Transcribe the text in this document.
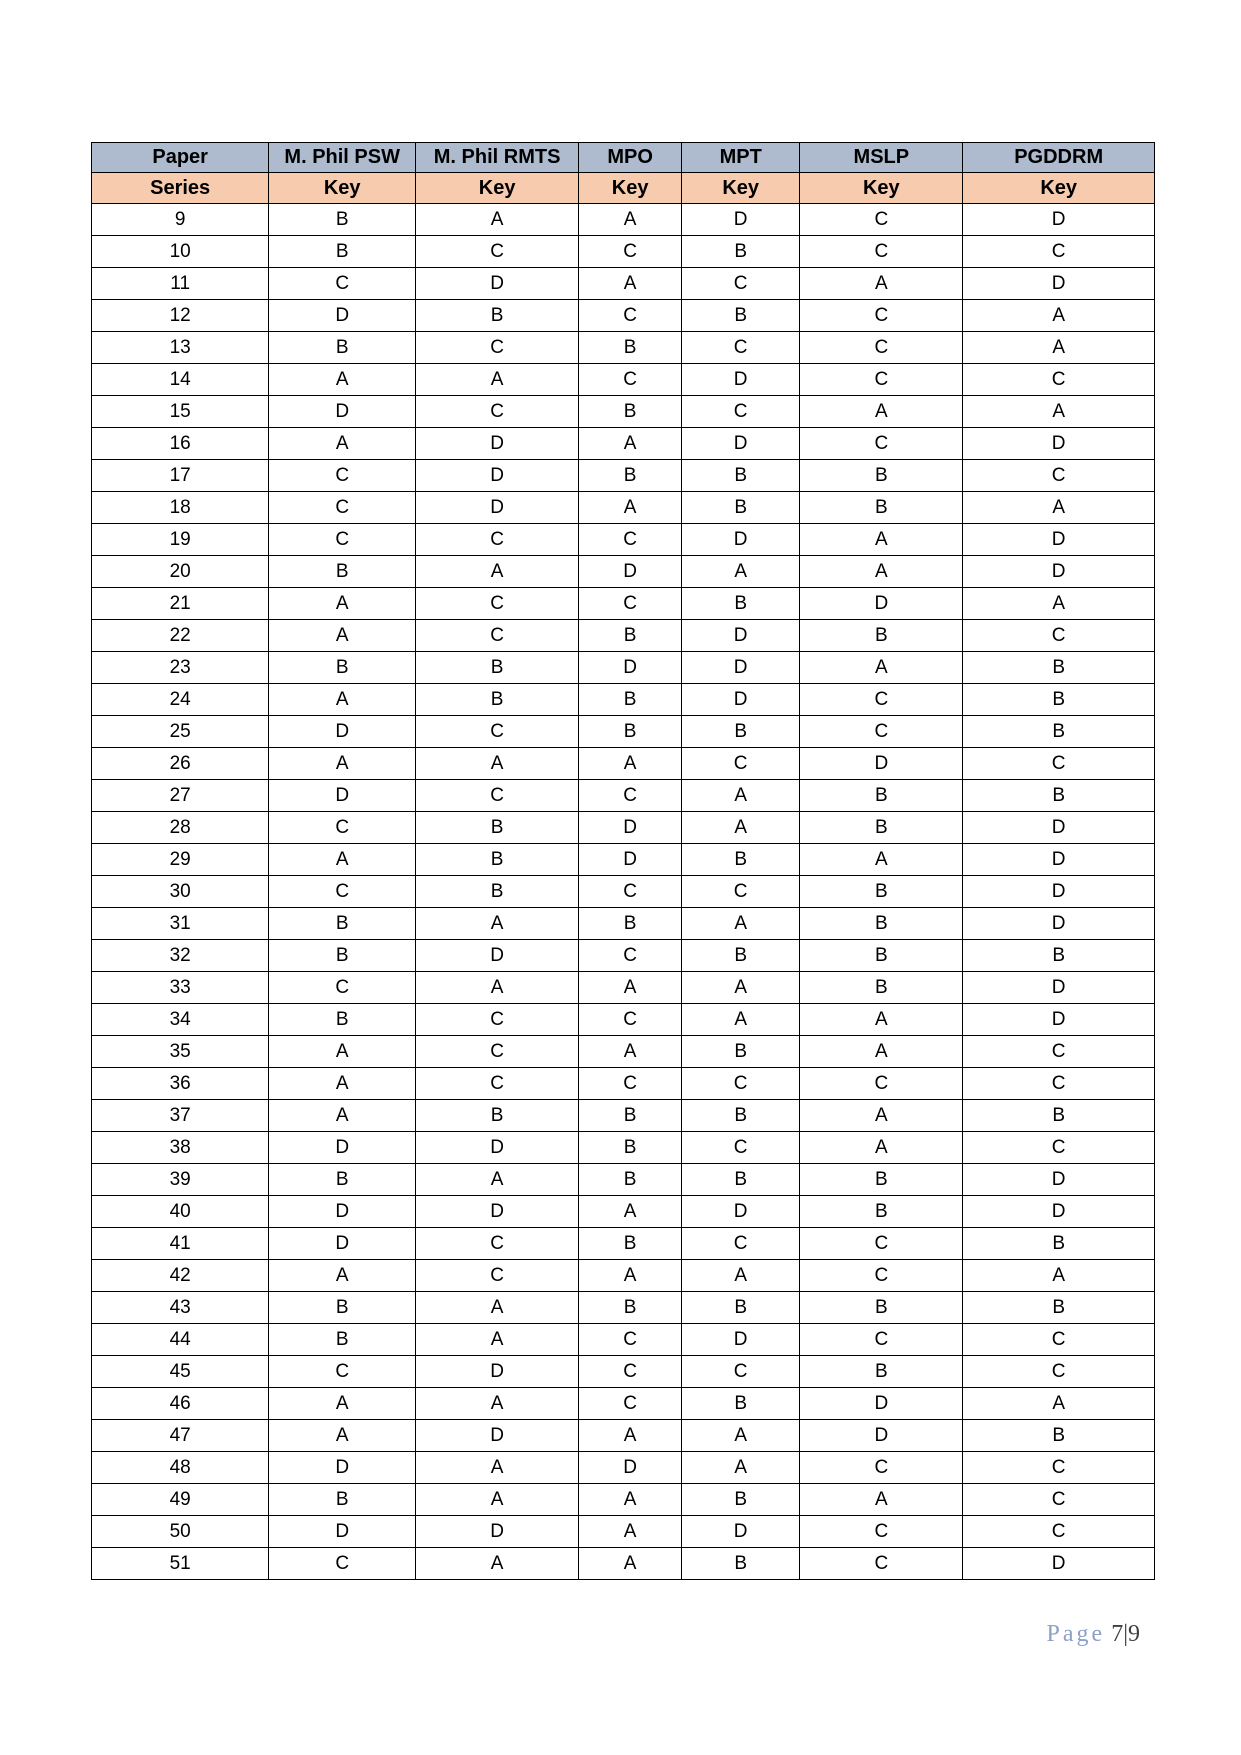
Paper	M. Phil PSW	M. Phil RMTS	MPO	MPT	MSLP	PGDDRM
Series	Key	Key	Key	Key	Key	Key
9	B	A	A	D	C	D
10	B	C	C	B	C	C
11	C	D	A	C	A	D
12	D	B	C	B	C	A
13	B	C	B	C	C	A
14	A	A	C	D	C	C
15	D	C	B	C	A	A
16	A	D	A	D	C	D
17	C	D	B	B	B	C
18	C	D	A	B	B	A
19	C	C	C	D	A	D
20	B	A	D	A	A	D
21	A	C	C	B	D	A
22	A	C	B	D	B	C
23	B	B	D	D	A	B
24	A	B	B	D	C	B
25	D	C	B	B	C	B
26	A	A	A	C	D	C
27	D	C	C	A	B	B
28	C	B	D	A	B	D
29	A	B	D	B	A	D
30	C	B	C	C	B	D
31	B	A	B	A	B	D
32	B	D	C	B	B	B
33	C	A	A	A	B	D
34	B	C	C	A	A	D
35	A	C	A	B	A	C
36	A	C	C	C	C	C
37	A	B	B	B	A	B
38	D	D	B	C	A	C
39	B	A	B	B	B	D
40	D	D	A	D	B	D
41	D	C	B	C	C	B
42	A	C	A	A	C	A
43	B	A	B	B	B	B
44	B	A	C	D	C	C
45	C	D	C	C	B	C
46	A	A	C	B	D	A
47	A	D	A	A	D	B
48	D	A	D	A	C	C
49	B	A	A	B	A	C
50	D	D	A	D	C	C
51	C	A	A	B	C	D
Page 7|9
